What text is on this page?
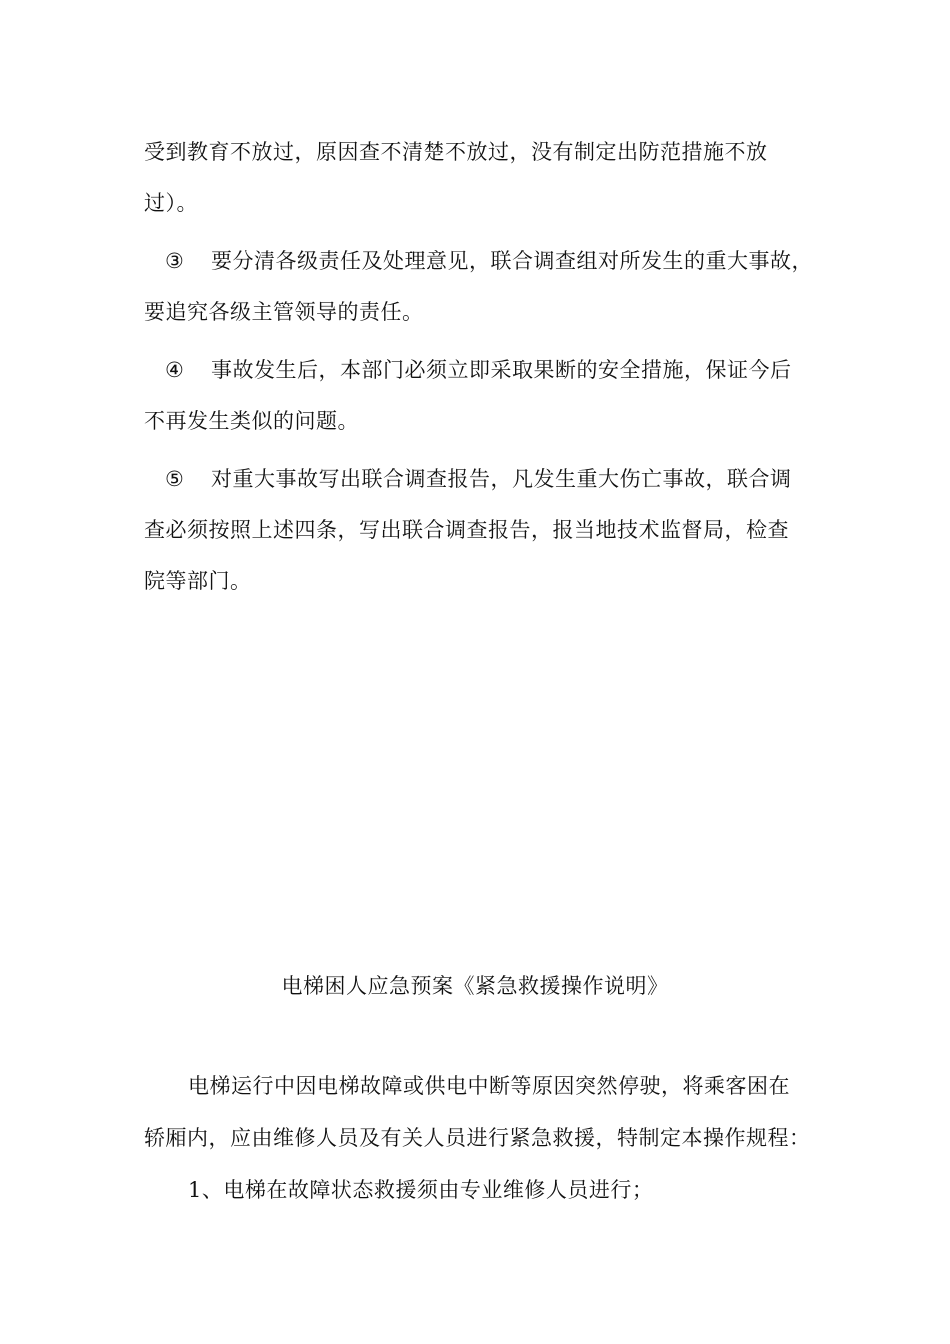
受到教育不放过，原因查不清楚不放过，没有制定出防范措施不放
过）。
③ 要分清各级责任及处理意见，联合调查组对所发生的重大事故，
要追究各级主管领导的责任。
④ 事故发生后，本部门必须立即采取果断的安全措施，保证今后
不再发生类似的问题。
⑤ 对重大事故写出联合调查报告，凡发生重大伤亡事故，联合调
查必须按照上述四条，写出联合调查报告，报当地技术监督局，检查
院等部门。
电梯困人应急预案《紧急救援操作说明》
电梯运行中因电梯故障或供电中断等原因突然停驶，将乘客困在
轿厢内，应由维修人员及有关人员进行紧急救援，特制定本操作规程：
1、电梯在故障状态救援须由专业维修人员进行；
